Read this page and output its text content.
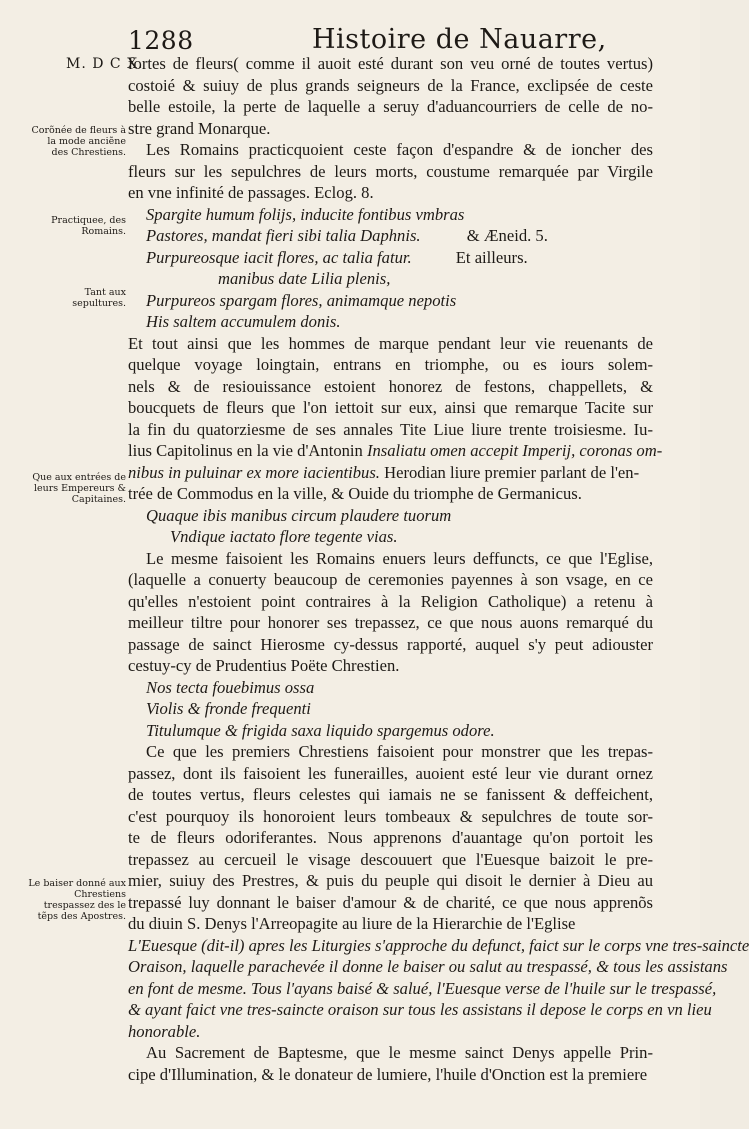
1288	Histoire de Nauarre,
M. D C X.
Corõnée de fleurs à la mode anciẽne des Chrestiens.
Practiquee, des Romains.
Tant aux sepultures.
Que aux entrées de leurs Empereurs & Capitaines.
Le baiser donné aux Chrestiens trespassez des le tẽps des Apostres.
fortes de fleurs( comme il auoit esté durant son veu orné de toutes vertus)
costoié & suiuy de plus grands seigneurs de la France, exclipsée de ceste
belle estoile, la perte de laquelle a seruy d'aduancourriers de celle de no-
stre grand Monarque.
Les Romains practicquoient ceste façon d'espandre & de ioncher des
fleurs sur les sepulchres de leurs morts, coustume remarquée par Virgile
en vne infinité de passages. Eclog. 8.
Spargite humum folijs, inducite fontibus vmbras
Pastores, mandat fieri sibi talia Daphnis.	& Æneid. 5.
Purpureosque iacit flores, ac talia fatur.	Et ailleurs.
manibus date Lilia plenis,
Purpureos spargam flores, animamque nepotis
His saltem accumulem donis.
Et tout ainsi que les hommes de marque pendant leur vie reuenants de
quelque voyage loingtain, entrans en triomphe, ou es iours solem-
nels & de resiouissance estoient honorez de festons, chappellets, &
boucquets de fleurs que l'on iettoit sur eux, ainsi que remarque Tacite sur
la fin du quatorziesme de ses annales Tite Liue liure trente troisiesme. Iu-
lius Capitolinus en la vie d'Antonin Insaliatu omen accepit Imperij, coronas om-
nibus in puluinar ex more iacientibus. Herodian liure premier parlant de l'en-
trée de Commodus en la ville, & Ouide du triomphe de Germanicus.
Quaque ibis manibus circum plaudere tuorum
Vndique iactato flore tegente vias.
Le mesme faisoient les Romains enuers leurs deffuncts, ce que l'Eglise,
(laquelle a conuerty beaucoup de ceremonies payennes à son vsage, en ce
qu'elles n'estoient point contraires à la Religion Catholique) a retenu à
meilleur tiltre pour honorer ses trepassez, ce que nous auons remarqué du
passage de sainct Hierosme cy-dessus rapporté, auquel s'y peut adiouster
cestuy-cy de Prudentius Poëte Chrestien.
Nos tecta fouebimus ossa
Violis & fronde frequenti
Titulumque & frigida saxa liquido spargemus odore.
Ce que les premiers Chrestiens faisoient pour monstrer que les trepas-
passez, dont ils faisoient les funerailles, auoient esté leur vie durant ornez
de toutes vertus, fleurs celestes qui iamais ne se fanissent & deffeichent,
c'est pourquoy ils honoroient leurs tombeaux & sepulchres de toute sor-
te de fleurs odoriferantes. Nous apprenons d'auantage qu'on portoit les
trepassez au cercueil le visage descouuert que l'Euesque baizoit le pre-
mier, suiuy des Prestres, & puis du peuple qui disoit le dernier à Dieu au
trepassé luy donnant le baiser d'amour & de charité, ce que nous apprenõs
du diuin S. Denys l'Arreopagite au liure de la Hierarchie de l'Eglise
L'Euesque (dit-il) apres les Liturgies s'approche du defunct, faict sur le corps vne tres-saincte
Oraison, laquelle parachevée il donne le baiser ou salut au trespassé, & tous les assistans
en font de mesme. Tous l'ayans baisé & salué, l'Euesque verse de l'huile sur le trespassé,
& ayant faict vne tres-saincte oraison sur tous les assistans il depose le corps en vn lieu
honorable.
Au Sacrement de Baptesme, que le mesme sainct Denys appelle Prin-
cipe d'Illumination, & le donateur de lumiere, l'huile d'Onction est la premiere
